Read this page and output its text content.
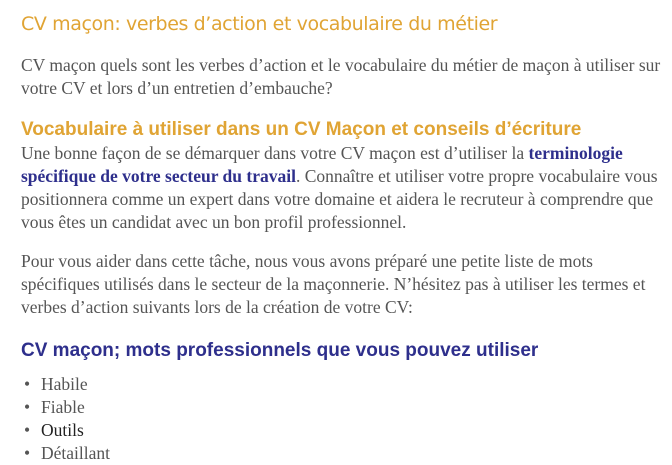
CV maçon: verbes d’action et vocabulaire du métier

CV maçon quels sont les verbes d’action et le vocabulaire du métier de maçon à utiliser sur votre CV et lors d’un entretien d’embauche?

Vocabulaire à utiliser dans un CV Maçon et conseils d’écriture

Une bonne façon de se démarquer dans votre CV maçon est d’utiliser la terminologie spécifique de votre secteur du travail. Connaître et utiliser votre propre vocabulaire vous positionnera comme un expert dans votre domaine et aidera le recruteur à comprendre que vous êtes un candidat avec un bon profil professionnel.

Pour vous aider dans cette tâche, nous vous avons préparé une petite liste de mots spécifiques utilisés dans le secteur de la maçonnerie. N’hésitez pas à utiliser les termes et verbes d’action suivants lors de la création de votre CV:

CV maçon; mots professionnels que vous pouvez utiliser
• Habile
• Fiable
• Outils
• Détaillant
